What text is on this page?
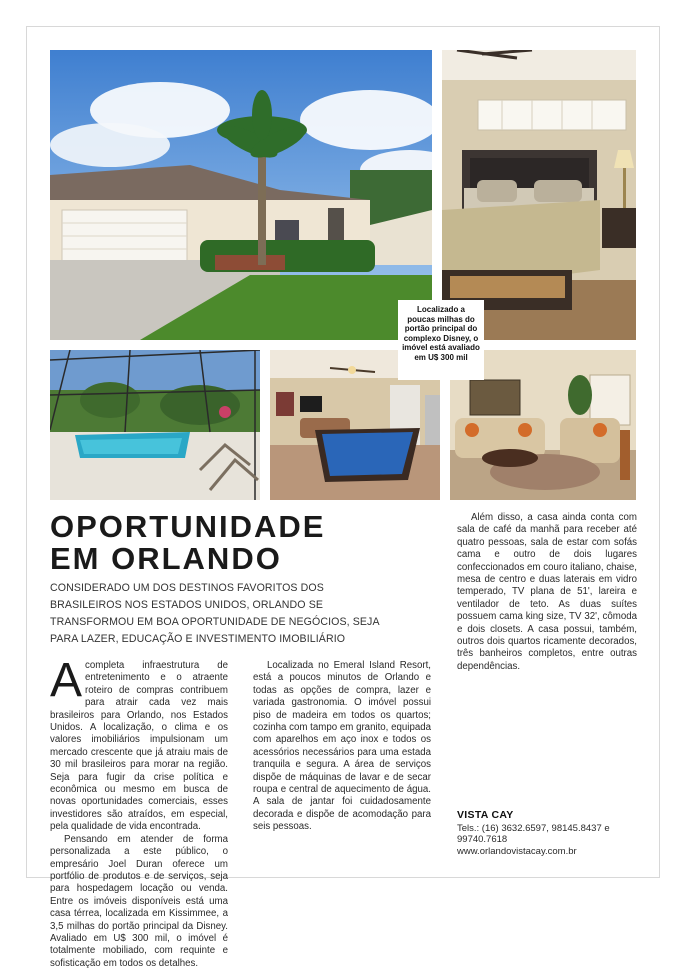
Localizado a poucas milhas do portão principal do complexo Disney, o imóvel está avaliado em U$ 300 mil
OPORTUNIDADE
EM ORLANDO

CONSIDERADO UM DOS DESTINOS FAVORITOS DOS BRASILEIROS NOS ESTADOS UNIDOS, ORLANDO SE TRANSFORMOU EM BOA OPORTUNIDADE DE NEGÓCIOS, SEJA PARA LAZER, EDUCAÇÃO E INVESTIMENTO IMOBILIÁRIO

Acompleta infraestrutura de entretenimento e o atraente roteiro de compras contribuem para atrair cada vez mais brasileiros para Orlando, nos Estados Unidos. A localização, o clima e os valores imobiliários impulsionam um mercado crescente que já atraiu mais de 30 mil brasileiros para morar na região. Seja para fugir da crise política e econômica ou mesmo em busca de novas oportunidades comerciais, esses investidores são atraídos, em especial, pela qualidade de vida encontrada.

Pensando em atender de forma personalizada a este público, o empresário Joel Duran oferece um portfólio de produtos e de serviços, seja para hospedagem locação ou venda. Entre os imóveis disponíveis está uma casa térrea, localizada em Kissimmee, a 3,5 milhas do portão principal da Disney. Avaliado em U$ 300 mil, o imóvel é totalmente mobiliado, com requinte e sofisticação em todos os detalhes.

Localizada no Emeral Island Resort, está a poucos minutos de Orlando e todas as opções de compra, lazer e variada gastronomia. O imóvel possui piso de madeira em todos os quartos; cozinha com tampo em granito, equipada com aparelhos em aço inox e todos os acessórios necessários para uma estada tranquila e segura. A área de serviços dispõe de máquinas de lavar e de secar roupa e central de aquecimento de água. A sala de jantar foi cuidadosamente decorada e dispõe de acomodação para seis pessoas.

Além disso, a casa ainda conta com sala de café da manhã para receber até quatro pessoas, sala de estar com sofás cama e outro de dois lugares confeccionados em couro italiano, chaise, mesa de centro e duas laterais em vidro temperado, TV plana de 51', lareira e ventilador de teto. As duas suítes possuem cama king size, TV 32', cômoda e dois closets. A casa possui, também, outros dois quartos ricamente decorados, três banheiros completos, entre outras dependências.

VISTA CAY
Tels.: (16) 3632.6597, 98145.8437 e 99740.7618
www.orlandovistacay.com.br
